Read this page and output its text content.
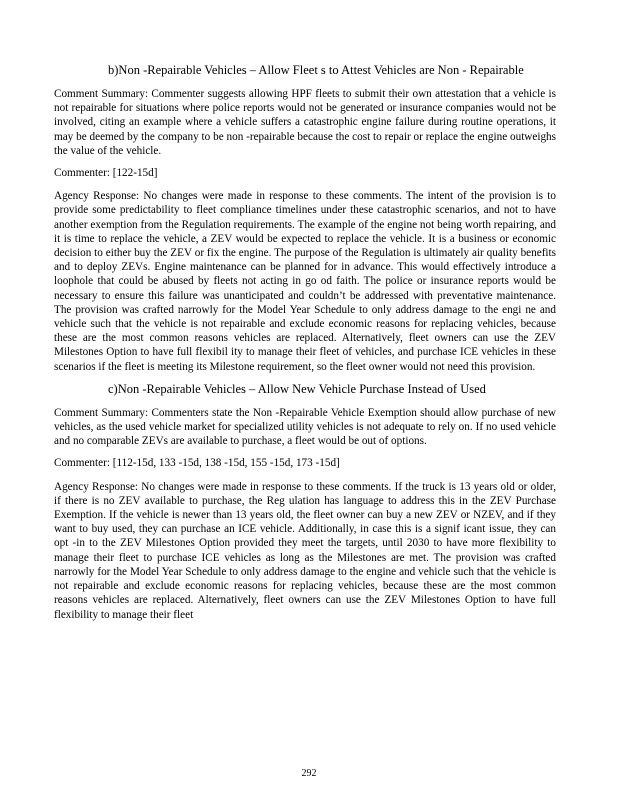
b)Non -Repairable Vehicles – Allow Fleet s to Attest Vehicles are Non - Repairable

Comment Summary: Commenter suggests allowing HPF fleets to submit their own attestation that a vehicle is not repairable for situations where police reports would not be generated or insurance companies would not be involved, citing an example where a vehicle suffers a catastrophic engine failure during routine operations, it may be deemed by the company to be non -repairable because the cost to repair or replace the engine outweighs the value of the vehicle.

Commenter: [122-15d]

Agency Response: No changes were made in response to these comments. The intent of the provision is to provide some predictability to fleet compliance timelines under these catastrophic scenarios, and not to have another exemption from the Regulation requirements. The example of the engine not being worth repairing, and it is time to replace the vehicle, a ZEV would be expected to replace the vehicle. It is a business or economic decision to either buy the ZEV or fix the engine. The purpose of the Regulation is ultimately air quality benefits and to deploy ZEVs. Engine maintenance can be planned for in advance. This would effectively introduce a loophole that could be abused by fleets not acting in go od faith. The police or insurance reports would be necessary to ensure this failure was unanticipated and couldn’t be addressed with preventative maintenance. The provision was crafted narrowly for the Model Year Schedule to only address damage to the engi ne and vehicle such that the vehicle is not repairable and exclude economic reasons for replacing vehicles, because these are the most common reasons vehicles are replaced. Alternatively, fleet owners can use the ZEV Milestones Option to have full flexibil ity to manage their fleet of vehicles, and purchase ICE vehicles in these scenarios if the fleet is meeting its Milestone requirement, so the fleet owner would not need this provision.

c)Non -Repairable Vehicles – Allow New Vehicle Purchase Instead of Used

Comment Summary: Commenters state the Non -Repairable Vehicle Exemption should allow purchase of new vehicles, as the used vehicle market for specialized utility vehicles is not adequate to rely on. If no used vehicle and no comparable ZEVs are available to purchase, a fleet would be out of options.

Commenter: [112-15d, 133 -15d, 138 -15d, 155 -15d, 173 -15d]

Agency Response: No changes were made in response to these comments. If the truck is 13 years old or older, if there is no ZEV available to purchase, the Reg ulation has language to address this in the ZEV Purchase Exemption. If the vehicle is newer than 13 years old, the fleet owner can buy a new ZEV or NZEV, and if they want to buy used, they can purchase an ICE vehicle. Additionally, in case this is a signif icant issue, they can opt -in to the ZEV Milestones Option provided they meet the targets, until 2030 to have more flexibility to manage their fleet to purchase ICE vehicles as long as the Milestones are met. The provision was crafted narrowly for the Model Year Schedule to only address damage to the engine and vehicle such that the vehicle is not repairable and exclude economic reasons for replacing vehicles, because these are the most common reasons vehicles are replaced. Alternatively, fleet owners can use the ZEV Milestones Option to have full flexibility to manage their fleet

292
